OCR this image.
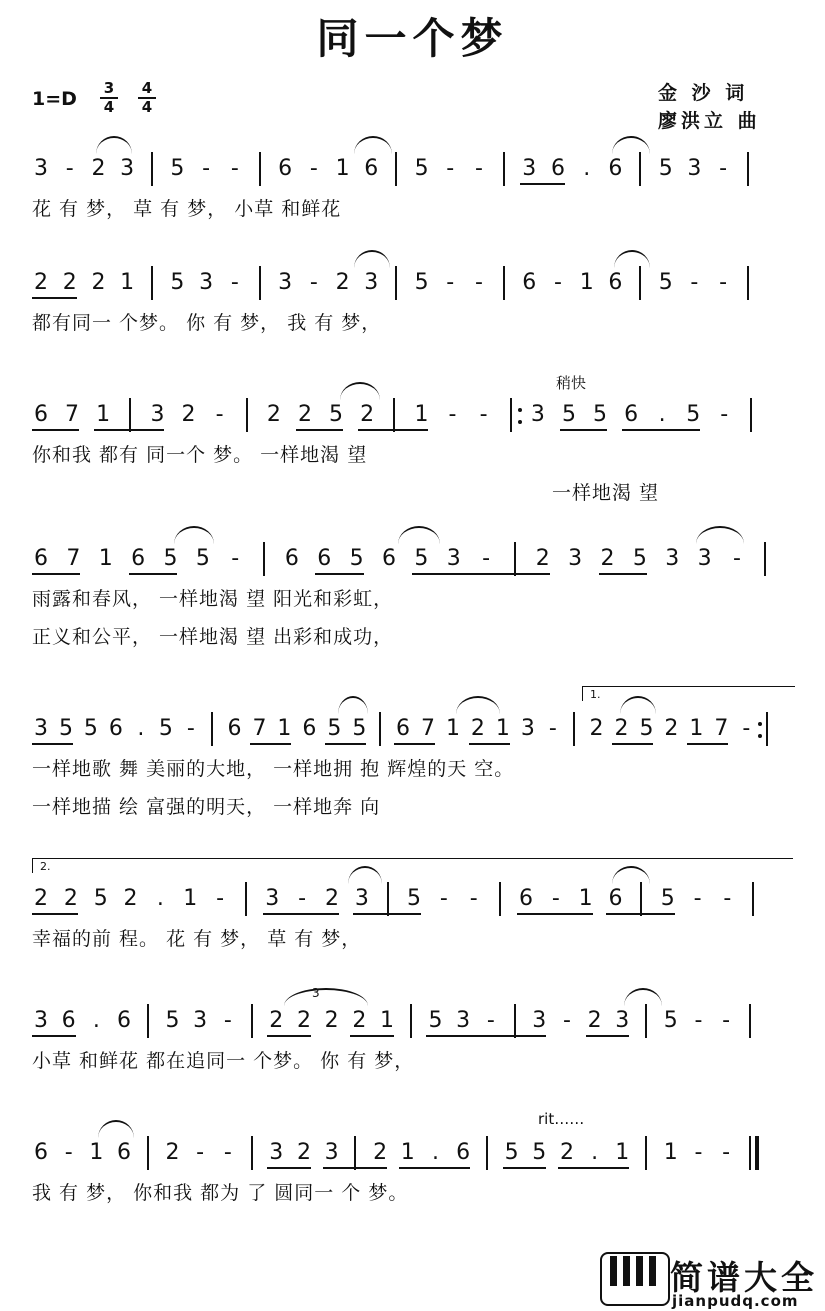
同一个梦
1=D 3
4
4
4
金 沙 词
廖洪立 曲
稍快
rit……
1.
2.
3
3 - 2 3 5 - - 6 - 1 6 5 - - 3 6 . 6 5 3 -
花 有 梦， 草 有 梦， 小草 和鲜花
2 2 2 1 5 3 - 3 - 2 3 5 - - 6 - 1 6 5 - -
都有同一 个梦。 你 有 梦， 我 有 梦，
6 7 1 3 2 - 2 2 5 2 1 - - 3 5 5 6 . 5 -
你和我 都有 同一个 梦。 一样地渴 望
一样地渴 望
6 7 1 6 5 5 - 6 6 5 6 5 3 - 2 3 2 5 3 3 -
雨露和春风， 一样地渴 望 阳光和彩虹，
正义和公平， 一样地渴 望 出彩和成功，
3 5 5 6 . 5 - 6 7 1 6 5 5 6 7 1 2 1 3 - 2 2 5 2 1 7 -
一样地歌 舞 美丽的大地， 一样地拥 抱 辉煌的天 空。
一样地描 绘 富强的明天， 一样地奔 向
2 2 5 2 . 1 - 3 - 2 3 5 - - 6 - 1 6 5 - -
幸福的前 程。 花 有 梦， 草 有 梦，
3 6 . 6 5 3 - 2 2 2 2 1 5 3 - 3 - 2 3 5 - -
小草 和鲜花 都在追同一 个梦。 你 有 梦，
6 - 1 6 2 - - 3 2 3 2 1 . 6 5 5 2 . 1 1 - -
我 有 梦， 你和我 都为 了 圆同一 个 梦。
简谱大全
jianpudq.com
